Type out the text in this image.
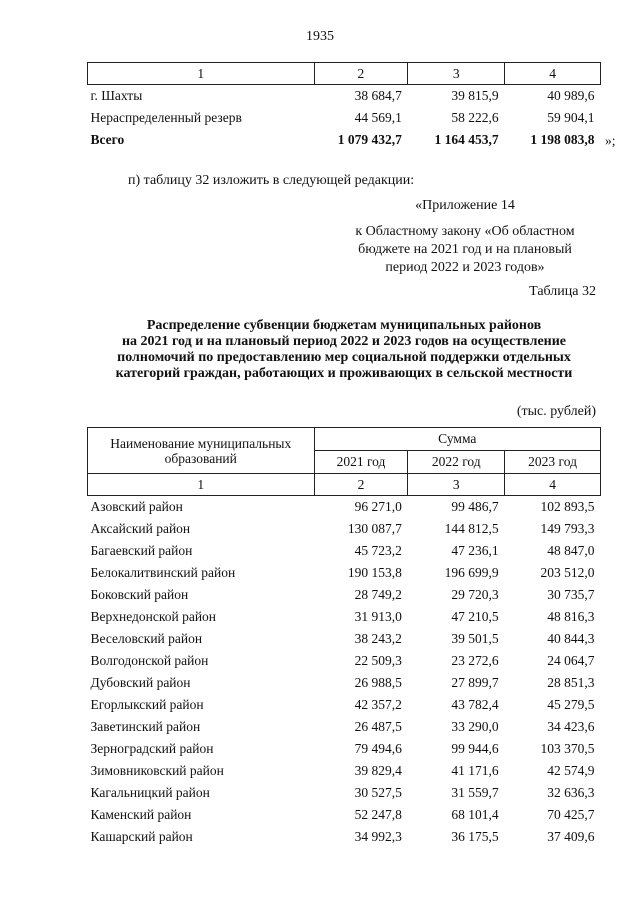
1935
1	2	3	4
г. Шахты	38 684,7	39 815,9	40 989,6
Нераспределенный резерв	44 569,1	58 222,6	59 904,1
Всего	1 079 432,7	1 164 453,7	1 198 083,8 »;
п) таблицу 32 изложить в следующей редакции:
«Приложение 14
к Областному закону «Об областном
бюджете на 2021 год и на плановый
период 2022 и 2023 годов»
Таблица 32
Распределение субвенции бюджетам муниципальных районов
на 2021 год и на плановый период 2022 и 2023 годов на осуществление
полномочий по предоставлению мер социальной поддержки отдельных
категорий граждан, работающих и проживающих в сельской местности
(тыс. рублей)
Наименование муниципальных образований	Сумма		
	2021 год	2022 год	2023 год
1	2	3	4
Азовский район	96 271,0	99 486,7	102 893,5
Аксайский район	130 087,7	144 812,5	149 793,3
Багаевский район	45 723,2	47 236,1	48 847,0
Белокалитвинский район	190 153,8	196 699,9	203 512,0
Боковский район	28 749,2	29 720,3	30 735,7
Верхнедонской район	31 913,0	47 210,5	48 816,3
Веселовский район	38 243,2	39 501,5	40 844,3
Волгодонской район	22 509,3	23 272,6	24 064,7
Дубовский район	26 988,5	27 899,7	28 851,3
Егорлыкский район	42 357,2	43 782,4	45 279,5
Заветинский район	26 487,5	33 290,0	34 423,6
Зерноградский район	79 494,6	99 944,6	103 370,5
Зимовниковский район	39 829,4	41 171,6	42 574,9
Кагальницкий район	30 527,5	31 559,7	32 636,3
Каменский район	52 247,8	68 101,4	70 425,7
Кашарский район	34 992,3	36 175,5	37 409,6
